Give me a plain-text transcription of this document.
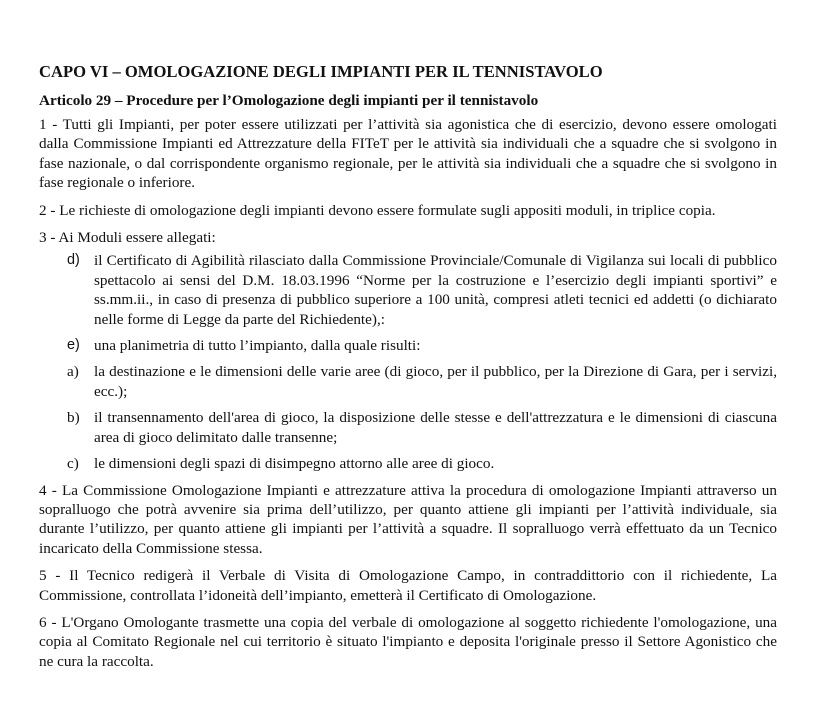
CAPO VI – OMOLOGAZIONE DEGLI IMPIANTI PER IL TENNISTAVOLO
Articolo 29 – Procedure per l’Omologazione degli impianti per il tennistavolo

1 - Tutti gli Impianti, per poter essere utilizzati per l’attività sia agonistica che di esercizio, devono essere omologati dalla Commissione Impianti ed Attrezzature della FITeT per le attività sia individuali che a squadre che si svolgono in fase nazionale, o dal corrispondente organismo regionale, per le attività sia individuali che a squadre che si svolgono in fase regionale o inferiore.

2 - Le richieste di omologazione degli impianti devono essere formulate sugli appositi moduli, in triplice copia.

3 - Ai Moduli essere allegati:

d) il Certificato di Agibilità rilasciato dalla Commissione Provinciale/Comunale di Vigilanza sui locali di pubblico spettacolo ai sensi del D.M. 18.03.1996 “Norme per la costruzione e l’esercizio degli impianti sportivi” e ss.mm.ii., in caso di presenza di pubblico superiore a 100 unità, compresi atleti tecnici ed addetti (o dichiarato nelle forme di Legge da parte del Richiedente),:

e) una planimetria di tutto l’impianto, dalla quale risulti:

a) la destinazione e le dimensioni delle varie aree (di gioco, per il pubblico, per la Direzione di Gara, per i servizi, ecc.);

b) il transennamento dell'area di gioco, la disposizione delle stesse e dell'attrezzatura e le dimensioni di ciascuna area di gioco delimitato dalle transenne;

c) le dimensioni degli spazi di disimpegno attorno alle aree di gioco.

4 - La Commissione Omologazione Impianti e attrezzature attiva la procedura di omologazione Impianti attraverso un sopralluogo che potrà avvenire sia prima dell’utilizzo, per quanto attiene gli impianti per l’attività individuale, sia durante l’utilizzo, per quanto attiene gli impianti per l’attività a squadre. Il sopralluogo verrà effettuato da un Tecnico incaricato della Commissione stessa.

5 - Il Tecnico redigerà il Verbale di Visita di Omologazione Campo, in contraddittorio con il richiedente, La Commissione, controllata l’idoneità dell’impianto, emetterà il Certificato di Omologazione.

6 - L'Organo Omologante trasmette una copia del verbale di omologazione al soggetto richiedente l'omologazione, una copia al Comitato Regionale nel cui territorio è situato l'impianto e deposita l'originale presso il Settore Agonistico che ne cura la raccolta.
